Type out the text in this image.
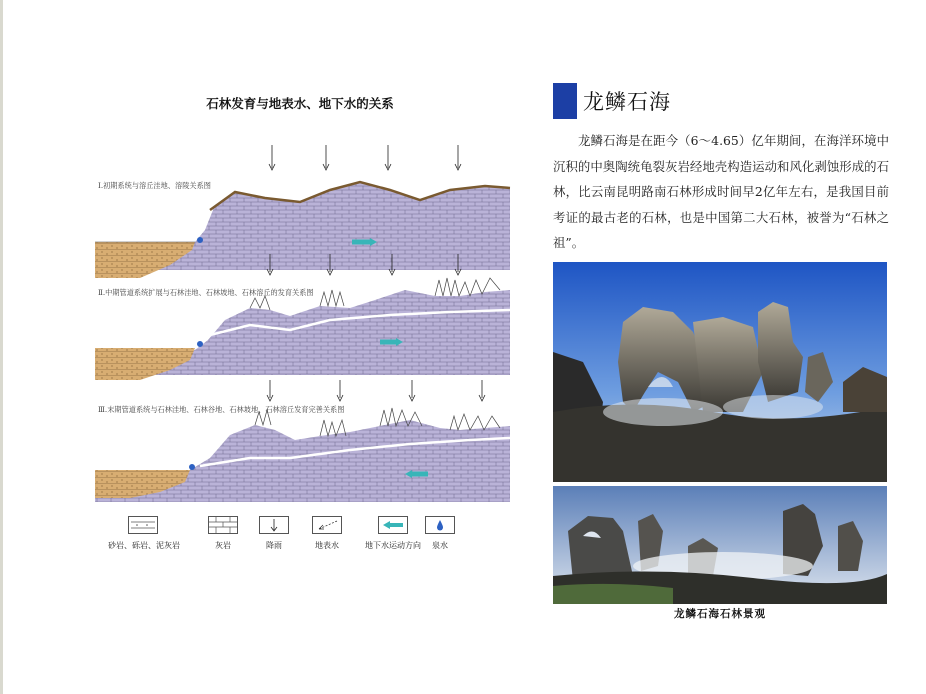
石林发育与地表水、地下水的关系
Ⅰ.初期系统与溶丘洼地、溶陵关系图
Ⅱ.中期管道系统扩展与石林洼地、石林坡地、石林溶丘的发育关系图
Ⅲ.末期管道系统与石林洼地、石林谷地、石林坡地、石林溶丘发育完善关系图
砂岩、砾岩、泥灰岩	灰岩	降雨	地表水	地下水运动方向	泉水
龙鳞石海
龙鳞石海是在距今（6～4.65）亿年期间，在海洋环境中沉积的中奥陶统龟裂灰岩经地壳构造运动和风化剥蚀形成的石林，比云南昆明路南石林形成时间早2亿年左右，是我国目前考证的最古老的石林，也是中国第二大石林，被誉为“石林之祖”。
龙鳞石海石林景观
